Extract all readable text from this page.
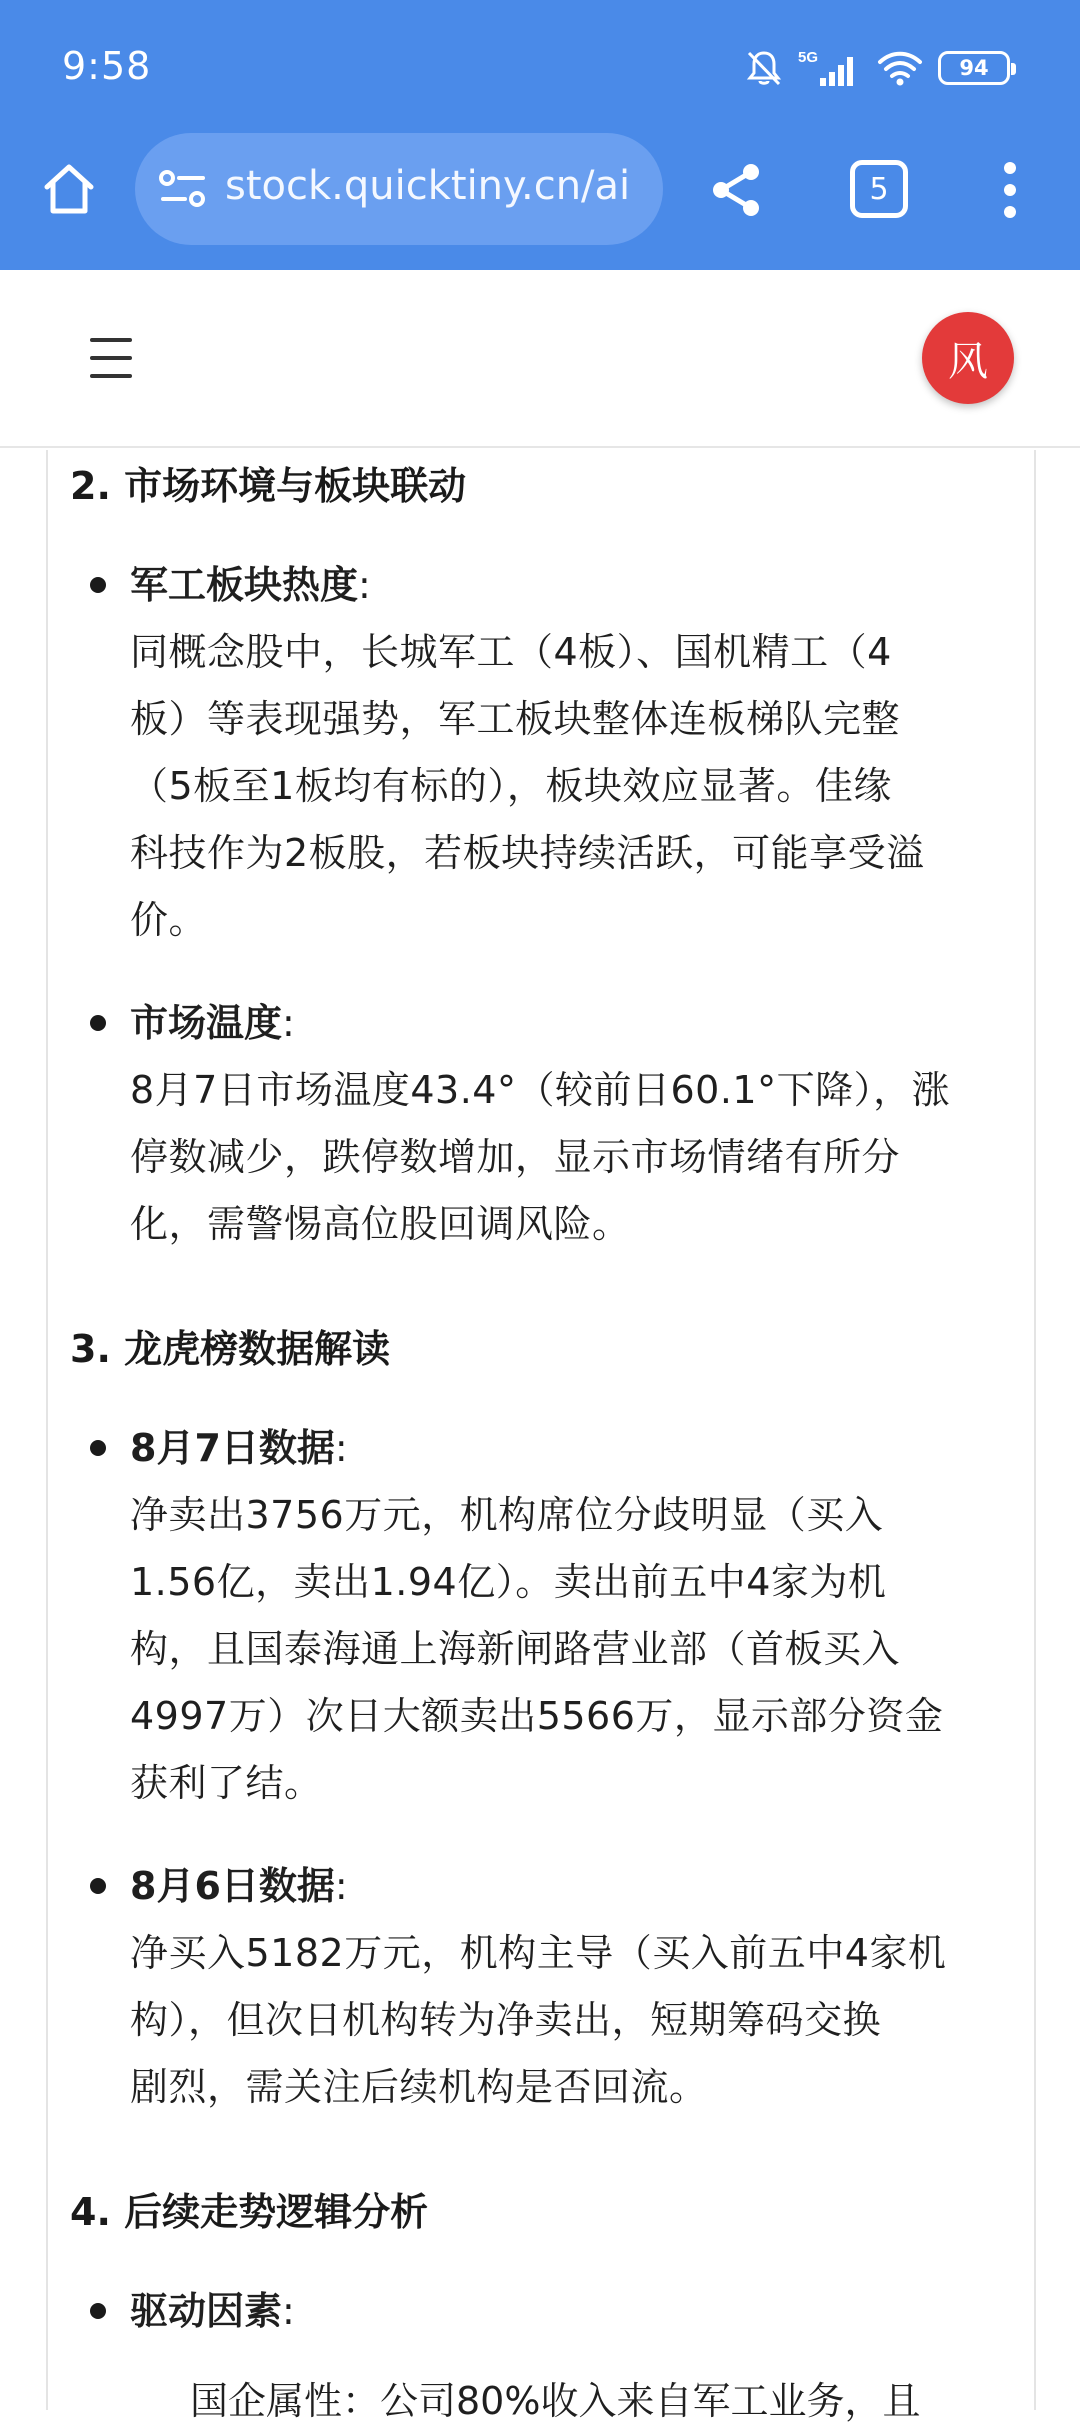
9:58	5G	94
stock.quicktiny.cn/ai	5
风
2. 市场环境与板块联动
军工板块热度:
同概念股中，长城军工（4板）、国机精工（4
板）等表现强势，军工板块整体连板梯队完整
（5板至1板均有标的），板块效应显著。佳缘
科技作为2板股，若板块持续活跃，可能享受溢
价。
市场温度:
8月7日市场温度43.4°（较前日60.1°下降），涨
停数减少，跌停数增加，显示市场情绪有所分
化，需警惕高位股回调风险。
3. 龙虎榜数据解读
8月7日数据:
净卖出3756万元，机构席位分歧明显（买入
1.56亿，卖出1.94亿）。卖出前五中4家为机
构，且国泰海通上海新闸路营业部（首板买入
4997万）次日大额卖出5566万，显示部分资金
获利了结。
8月6日数据:
净买入5182万元，机构主导（买入前五中4家机
构），但次日机构转为净卖出，短期筹码交换
剧烈，需关注后续机构是否回流。
4. 后续走势逻辑分析
驱动因素:
国企属性：公司80%收入来自军工业务，且
